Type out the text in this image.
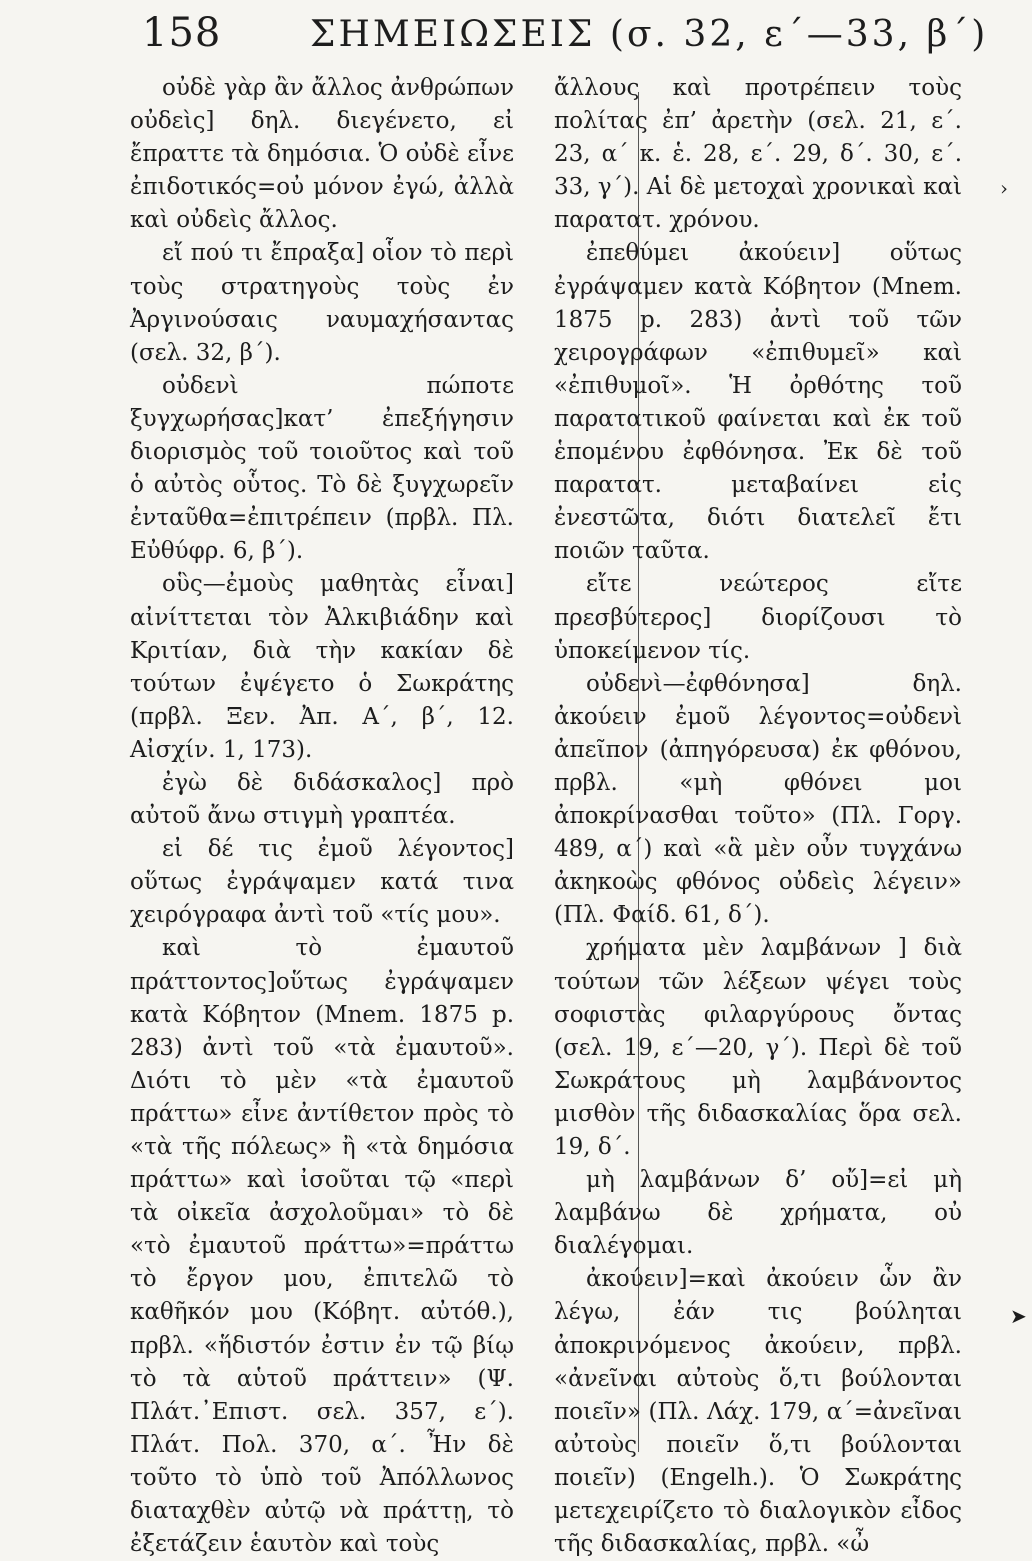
158 ΣΗΜΕΙΩΣΕΙΣ (σ. 32, ε΄—33, β΄)

οὐδὲ γὰρ ἂν ἄλλος ἀνθρώπων οὐδεὶς] δηλ. διεγένετο, εἰ ἔπραττε τὰ δημόσια. Ὁ οὐδὲ εἶνε ἐπιδοτικός=οὐ μόνον ἐγώ, ἀλλὰ καὶ οὐδεὶς ἄλλος.

εἴ πού τι ἔπραξα] οἷον τὸ περὶ τοὺς στρατηγοὺς τοὺς ἐν Ἀργινούσαις ναυμαχήσαντας (σελ. 32, β΄).

οὐδενὶ πώποτε ξυγχωρήσας]κατ’ ἐπεξήγησιν διορισμὸς τοῦ τοιοῦτος καὶ τοῦ ὁ αὐτὸς οὗτος. Τὸ δὲ ξυγχωρεῖν ἐνταῦθα=ἐπιτρέπειν (πρβλ. Πλ. Εὐθύφρ. 6, β΄).

οὓς—ἐμοὺς μαθητὰς εἶναι] αἰνίττεται τὸν Ἀλκιβιάδην καὶ Κριτίαν, διὰ τὴν κακίαν δὲ τούτων ἐψέγετο ὁ Σωκράτης (πρβλ. Ξεν. Ἀπ. Α΄, β΄, 12. Αἰσχίν. 1, 173).

ἐγὼ δὲ διδάσκαλος] πρὸ αὐτοῦ ἄνω στιγμὴ γραπτέα.

εἰ δέ τις ἐμοῦ λέγοντος] οὕτως ἐγράψαμεν κατά τινα χειρόγραφα ἀντὶ τοῦ «τίς μου».

καὶ τὸ ἐμαυτοῦ πράττοντος]οὕτως ἐγράψαμεν κατὰ Κόβητον (Mnem. 1875 p. 283) ἀντὶ τοῦ «τὰ ἐμαυτοῦ». Διότι τὸ μὲν «τὰ ἐμαυτοῦ πράττω» εἶνε ἀντίθετον πρὸς τὸ «τὰ τῆς πόλεως» ἢ «τὰ δημόσια πράττω» καὶ ἰσοῦται τῷ «περὶ τὰ οἰκεῖα ἀσχολοῦμαι» τὸ δὲ «τὸ ἐμαυτοῦ πράττω»=πράττω τὸ ἔργον μου, ἐπιτελῶ τὸ καθῆκόν μου (Κόβητ. αὐτόθ.), πρβλ. «ἥδιστόν ἐστιν ἐν τῷ βίῳ τὸ τὰ αὑτοῦ πράττειν» (Ψ. Πλάτ.᾿Επιστ. σελ. 357, ε΄). Πλάτ. Πολ. 370, α΄. Ἦν δὲ τοῦτο τὸ ὑπὸ τοῦ Ἀπόλλωνος διαταχθὲν αὐτῷ νὰ πράττῃ, τὸ ἐξετάζειν ἑαυτὸν καὶ τοὺς

ἄλλους καὶ προτρέπειν τοὺς πολίτας ἐπ’ ἀρετὴν (σελ. 21, ε΄. 23, α΄ κ. ἑ. 28, ε΄. 29, δ΄. 30, ε΄. 33, γ΄). Αἱ δὲ μετοχαὶ χρονικαὶ καὶ παρατατ. χρόνου.

ἐπεθύμει ἀκούειν] οὕτως ἐγράψαμεν κατὰ Κόβητον (Mnem. 1875 p. 283) ἀντὶ τοῦ τῶν χειρογράφων «ἐπιθυμεῖ» καὶ «ἐπιθυμοῖ». Ἡ ὀρθότης τοῦ παρατατικοῦ φαίνεται καὶ ἐκ τοῦ ἑπομένου ἐφθόνησα. Ἐκ δὲ τοῦ παρατατ. μεταβαίνει εἰς ἐνεστῶτα, διότι διατελεῖ ἔτι ποιῶν ταῦτα.

εἴτε νεώτερος εἴτε πρεσβύτερος] διορίζουσι τὸ ὑποκείμενον τίς.

οὐδενὶ—ἐφθόνησα] δηλ. ἀκούειν ἐμοῦ λέγοντος=οὐδενὶ ἀπεῖπον (ἀπηγόρευσα) ἐκ φθόνου, πρβλ. «μὴ φθόνει μοι ἀποκρίνασθαι τοῦτο» (Πλ. Γοργ. 489, α΄) καὶ «ἃ μὲν οὖν τυγχάνω ἀκηκοὼς φθόνος οὐδεὶς λέγειν» (Πλ. Φαίδ. 61, δ΄).

χρήματα μὲν λαμβάνων ] διὰ τούτων τῶν λέξεων ψέγει τοὺς σοφιστὰς φιλαργύρους ὄντας (σελ. 19, ε΄—20, γ΄). Περὶ δὲ τοῦ Σωκράτους μὴ λαμβάνοντος μισθὸν τῆς διδασκαλίας ὅρα σελ. 19, δ΄.

μὴ λαμβάνων δ’ οὔ]=εἰ μὴ λαμβάνω δὲ χρήματα, οὐ διαλέγομαι.

ἀκούειν]=καὶ ἀκούειν ὧν ἂν λέγω, ἐάν τις βούληται ἀποκρινόμενος ἀκούειν, πρβλ. «ἀνεῖναι αὐτοὺς ὅ,τι βούλονται ποιεῖν» (Πλ. Λάχ. 179, α΄=ἀνεῖναι αὐτοὺς ποιεῖν ὅ,τι βούλονται ποιεῖν) (Engelh.). Ὁ Σωκράτης μετεχειρίζετο τὸ διαλογικὸν εἶδος τῆς διδασκαλίας, πρβλ. «ὦ

›
➤
